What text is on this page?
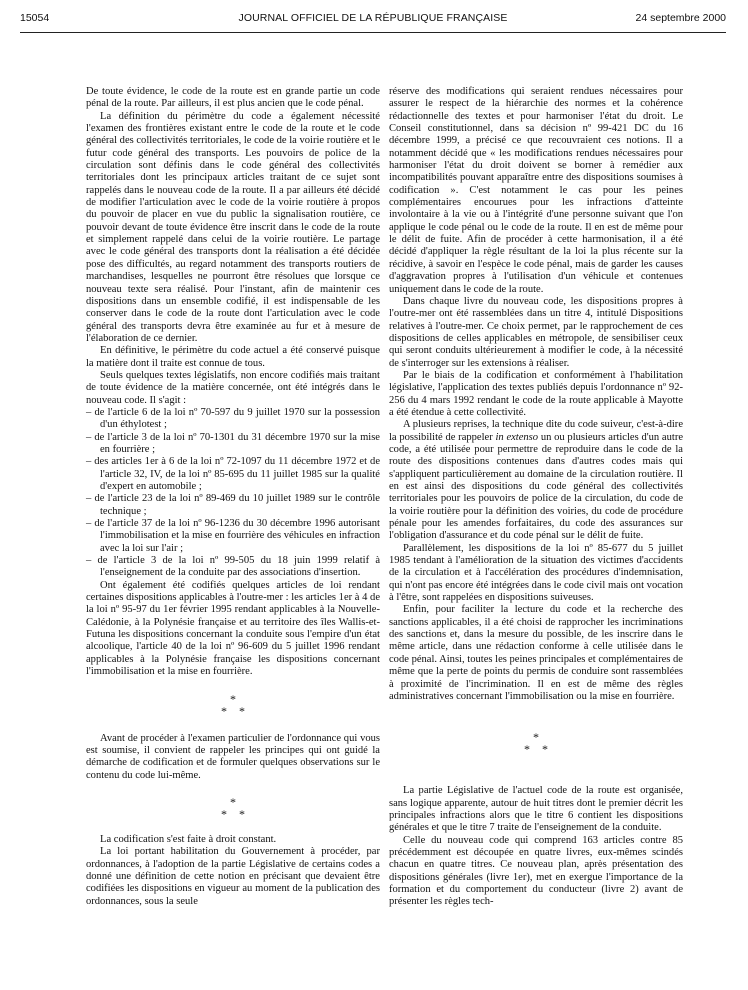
15054	JOURNAL OFFICIEL DE LA RÉPUBLIQUE FRANÇAISE	24 septembre 2000

De toute évidence, le code de la route est en grande partie un code pénal de la route. Par ailleurs, il est plus ancien que le code pénal.

La définition du périmètre du code a également nécessité l'examen des frontières existant entre le code de la route et le code général des collectivités territoriales, le code de la voirie routière et le futur code général des transports. Les pouvoirs de police de la circulation sont définis dans le code général des collectivités territoriales dont les principaux articles traitant de ce sujet sont rappelés dans le nouveau code de la route. Il a par ailleurs été décidé de modifier l'articulation avec le code de la voirie routière à propos du pouvoir de placer en vue du public la signalisation routière, ce pouvoir devant de toute évidence être inscrit dans le code de la route et simplement rappelé dans celui de la voirie routière. Le partage avec le code général des transports dont la réalisation a été décidée pose des difficultés, au regard notamment des transports routiers de marchandises, lesquelles ne pourront être résolues que lorsque ce nouveau texte sera réalisé. Pour l'instant, afin de maintenir ces dispositions dans un ensemble codifié, il est indispensable de les conserver dans le code de la route dont l'articulation avec le code général des transports devra être examinée au fur et à mesure de l'élaboration de ce dernier.

En définitive, le périmètre du code actuel a été conservé puisque la matière dont il traite est connue de tous.

Seuls quelques textes législatifs, non encore codifiés mais traitant de toute évidence de la matière concernée, ont été intégrés dans le nouveau code. Il s'agit :

– de l'article 6 de la loi nº 70-597 du 9 juillet 1970 sur la possession d'un éthylotest ;
– de l'article 3 de la loi nº 70-1301 du 31 décembre 1970 sur la mise en fourrière ;
– des articles 1er à 6 de la loi nº 72-1097 du 11 décembre 1972 et de l'article 32, IV, de la loi nº 85-695 du 11 juillet 1985 sur la qualité d'expert en automobile ;
– de l'article 23 de la loi nº 89-469 du 10 juillet 1989 sur le contrôle technique ;
– de l'article 37 de la loi nº 96-1236 du 30 décembre 1996 autorisant l'immobilisation et la mise en fourrière des véhicules en infraction avec la loi sur l'air ;
– de l'article 3 de la loi nº 99-505 du 18 juin 1999 relatif à l'enseignement de la conduite par des associations d'insertion.

Ont également été codifiés quelques articles de loi rendant certaines dispositions applicables à l'outre-mer : les articles 1er à 4 de la loi nº 95-97 du 1er février 1995 rendant applicables à la Nouvelle-Calédonie, à la Polynésie française et au territoire des îles Wallis-et-Futuna les dispositions concernant la conduite sous l'empire d'un état alcoolique, l'article 40 de la loi nº 96-609 du 5 juillet 1996 rendant applicables à la Polynésie française les dispositions concernant l'immobilisation et la mise en fourrière.

*
* *

Avant de procéder à l'examen particulier de l'ordonnance qui vous est soumise, il convient de rappeler les principes qui ont guidé la démarche de codification et de formuler quelques observations sur le contenu du code lui-même.

*
* *

La codification s'est faite à droit constant.

La loi portant habilitation du Gouvernement à procéder, par ordonnances, à l'adoption de la partie Législative de certains codes a donné une définition de cette notion en précisant que devaient être codifiées les dispositions en vigueur au moment de la publication des ordonnances, sous la seule

réserve des modifications qui seraient rendues nécessaires pour assurer le respect de la hiérarchie des normes et la cohérence rédactionnelle des textes et pour harmoniser l'état du droit. Le Conseil constitutionnel, dans sa décision nº 99-421 DC du 16 décembre 1999, a précisé ce que recouvraient ces notions. Il a notamment décidé que « les modifications rendues nécessaires pour harmoniser l'état du droit doivent se borner à remédier aux incompatibilités pouvant apparaître entre des dispositions soumises à codification ». C'est notamment le cas pour les peines complémentaires encourues pour les infractions d'atteinte involontaire à la vie ou à l'intégrité d'une personne suivant que l'on applique le code pénal ou le code de la route. Il en est de même pour le délit de fuite. Afin de procéder à cette harmonisation, il a été décidé d'appliquer la règle résultant de la loi la plus récente sur la récidive, à savoir en l'espèce le code pénal, mais de garder les causes d'aggravation propres à l'utilisation d'un véhicule et contenues uniquement dans le code de la route.

Dans chaque livre du nouveau code, les dispositions propres à l'outre-mer ont été rassemblées dans un titre 4, intitulé Dispositions relatives à l'outre-mer. Ce choix permet, par le rapprochement de ces dispositions de celles applicables en métropole, de sensibiliser ceux qui seront conduits ultérieurement à modifier le code, à la nécessité de s'interroger sur les extensions à réaliser.

Par le biais de la codification et conformément à l'habilitation législative, l'application des textes publiés depuis l'ordonnance nº 92-256 du 4 mars 1992 rendant le code de la route applicable à Mayotte a été étendue à cette collectivité.

A plusieurs reprises, la technique dite du code suiveur, c'est-à-dire la possibilité de rappeler in extenso un ou plusieurs articles d'un autre code, a été utilisée pour permettre de reproduire dans le code de la route des dispositions contenues dans d'autres codes mais qui s'appliquent particulièrement au domaine de la circulation routière. Il en est ainsi des dispositions du code général des collectivités territoriales pour les pouvoirs de police de la circulation, du code de la voirie routière pour la définition des voiries, du code de procédure pénale pour les amendes forfaitaires, du code des assurances sur l'obligation d'assurance et du code pénal sur le délit de fuite.

Parallèlement, les dispositions de la loi nº 85-677 du 5 juillet 1985 tendant à l'amélioration de la situation des victimes d'accidents de la circulation et à l'accélération des procédures d'indemnisation, qui n'ont pas encore été intégrées dans le code civil mais ont vocation à l'être, sont rappelées en dispositions suiveuses.

Enfin, pour faciliter la lecture du code et la recherche des sanctions applicables, il a été choisi de rapprocher les incriminations des sanctions et, dans la mesure du possible, de les inscrire dans le même article, dans une rédaction conforme à celle utilisée dans le code pénal. Ainsi, toutes les peines principales et complémentaires de même que la perte de points du permis de conduire sont rassemblées à proximité de l'incrimination. Il en est de même des règles administratives concernant l'immobilisation ou la mise en fourrière.

*
* *

La partie Législative de l'actuel code de la route est organisée, sans logique apparente, autour de huit titres dont le premier décrit les principales infractions alors que le titre 6 contient les dispositions générales et que le titre 7 traite de l'enseignement de la conduite.

Celle du nouveau code qui comprend 163 articles contre 85 précédemment est découpée en quatre livres, eux-mêmes scindés chacun en quatre titres. Ce nouveau plan, après présentation des dispositions générales (livre 1er), met en exergue l'importance de la formation et du comportement du conducteur (livre 2) avant de présenter les règles tech-
